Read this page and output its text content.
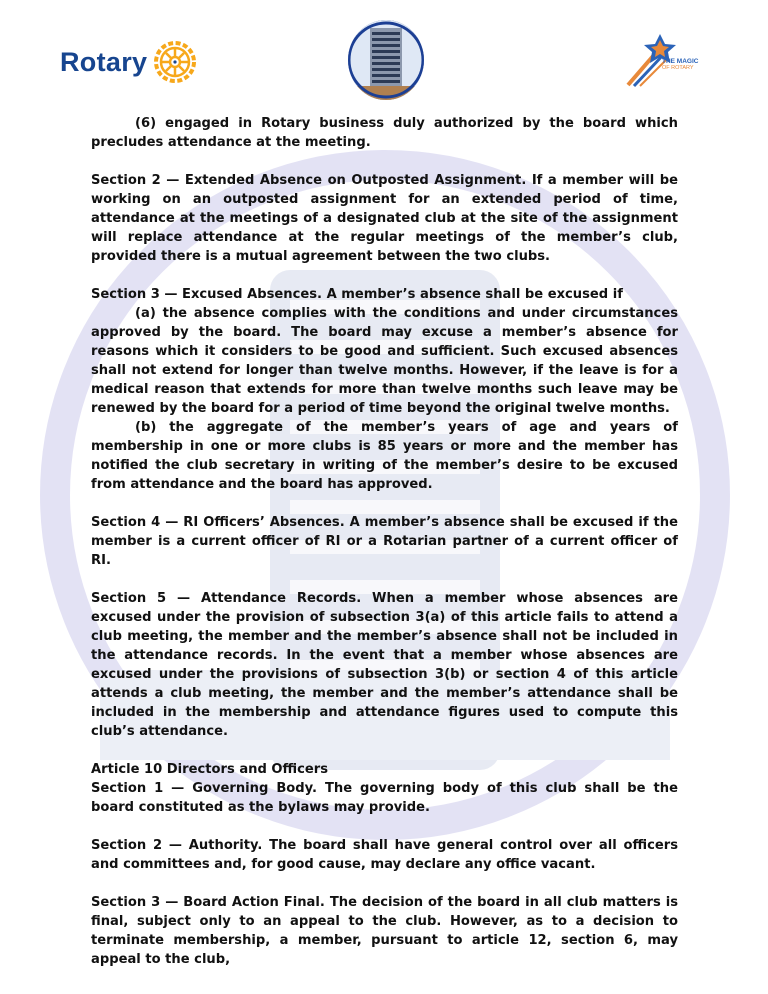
Rotary	THE MAGIC
OF ROTARY

(6) engaged in Rotary business duly authorized by the board which precludes attendance at the meeting.

Section 2 — Extended Absence on Outposted Assignment. If a member will be working on an outposted assignment for an extended period of time, attendance at the meetings of a designated club at the site of the assignment will replace attendance at the regular meetings of the member’s club, provided there is a mutual agreement between the two clubs.

Section 3 — Excused Absences. A member’s absence shall be excused if

(a) the absence complies with the conditions and under circumstances approved by the board. The board may excuse a member’s absence for reasons which it considers to be good and sufficient. Such excused absences shall not extend for longer than twelve months. However, if the leave is for a medical reason that extends for more than twelve months such leave may be renewed by the board for a period of time beyond the original twelve months.

(b) the aggregate of the member’s years of age and years of membership in one or more clubs is 85 years or more and the member has notified the club secretary in writing of the member’s desire to be excused from attendance and the board has approved.

Section 4 — RI Officers’ Absences. A member’s absence shall be excused if the member is a current officer of RI or a Rotarian partner of a current officer of RI.

Section 5 — Attendance Records. When a member whose absences are excused under the provision of subsection 3(a) of this article fails to attend a club meeting, the member and the member’s absence shall not be included in the attendance records. In the event that a member whose absences are excused under the provisions of subsection 3(b) or section 4 of this article attends a club meeting, the member and the member’s attendance shall be included in the membership and attendance figures used to compute this club’s attendance.

Article 10 Directors and Officers

Section 1 — Governing Body. The governing body of this club shall be the board constituted as the bylaws may provide.

Section 2 — Authority. The board shall have general control over all officers and committees and, for good cause, may declare any office vacant.

Section 3 — Board Action Final. The decision of the board in all club matters is final, subject only to an appeal to the club. However, as to a decision to terminate membership, a member, pursuant to article 12, section 6, may appeal to the club,
